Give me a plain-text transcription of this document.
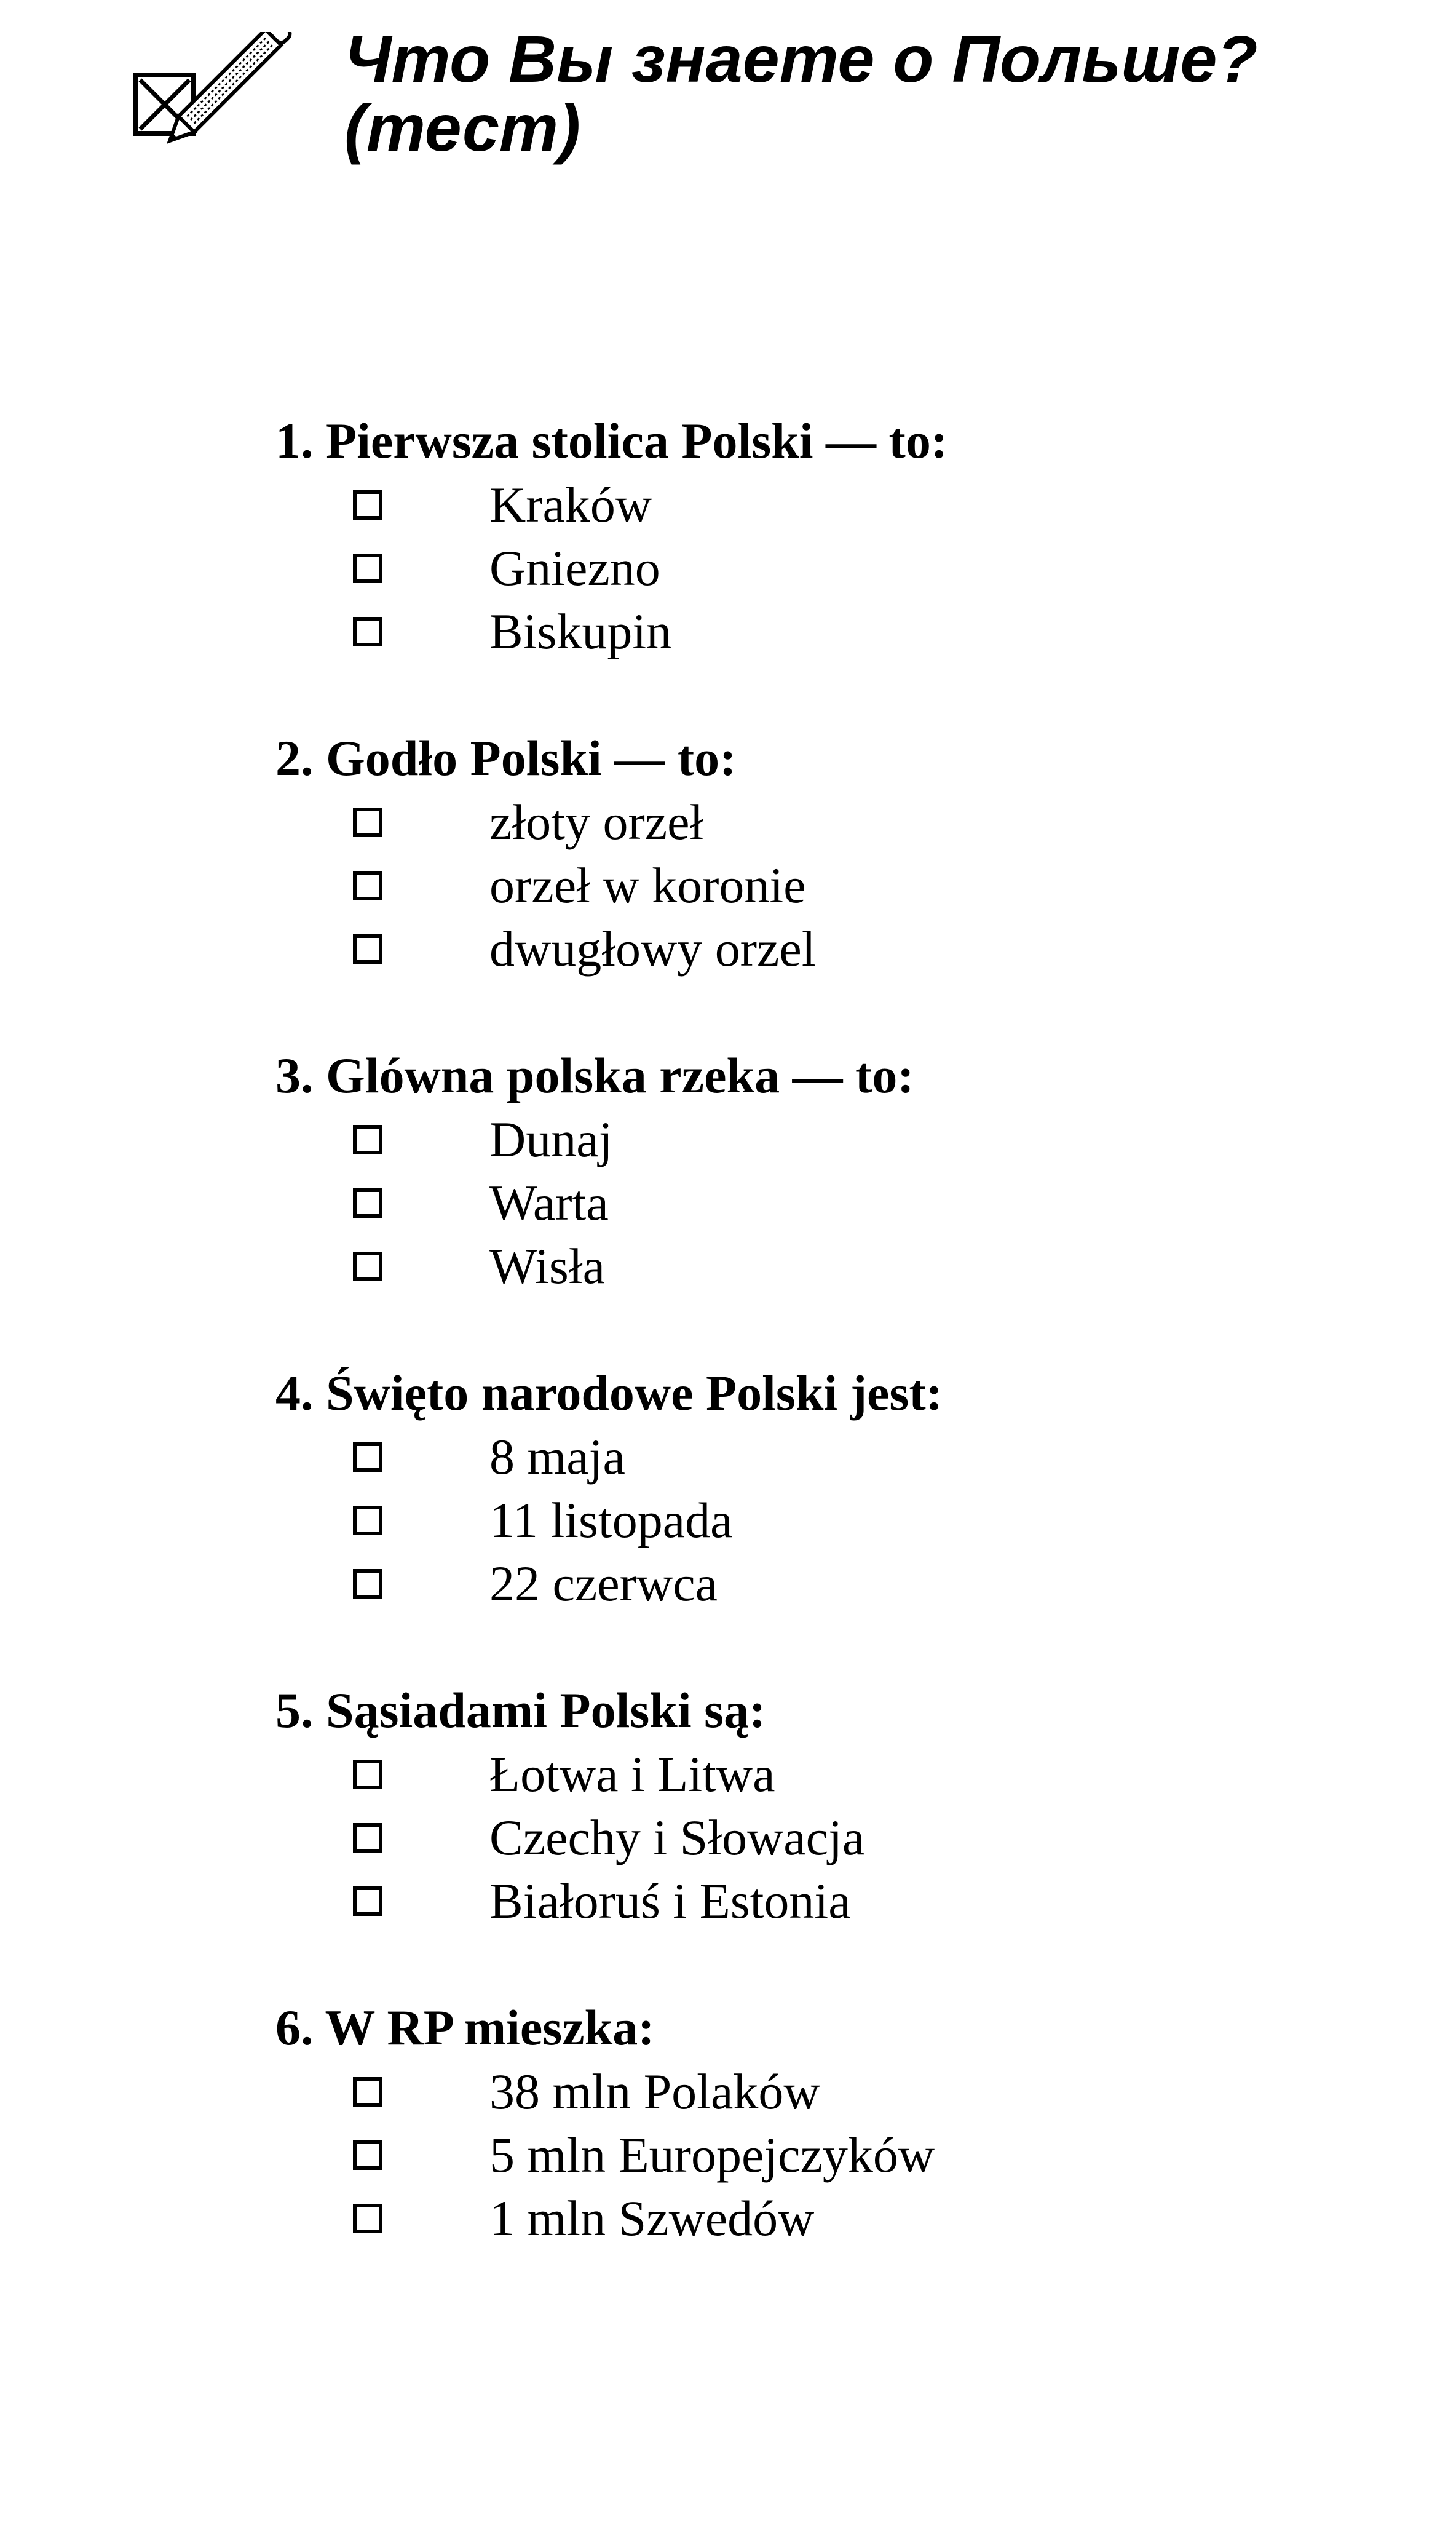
Что Вы знаете о Польше?
(тест)

1. Pierwsza stolica Polski — to:

Kraków
Gniezno
Biskupin

2. Godło Polski — to:

złoty orzeł
orzeł w koronie
dwugłowy orzel

3. Glówna polska rzeka — to:

Dunaj
Warta
Wisła

4. Święto narodowe Polski jest:

8 maja
11 listopada
22 czerwca

5. Sąsiadami Polski są:

Łotwa i Litwa
Czechy i Słowacja
Białoruś i Estonia

6. W RP mieszka:

38 mln Polaków
5 mln Europejczyków
1 mln Szwedów
